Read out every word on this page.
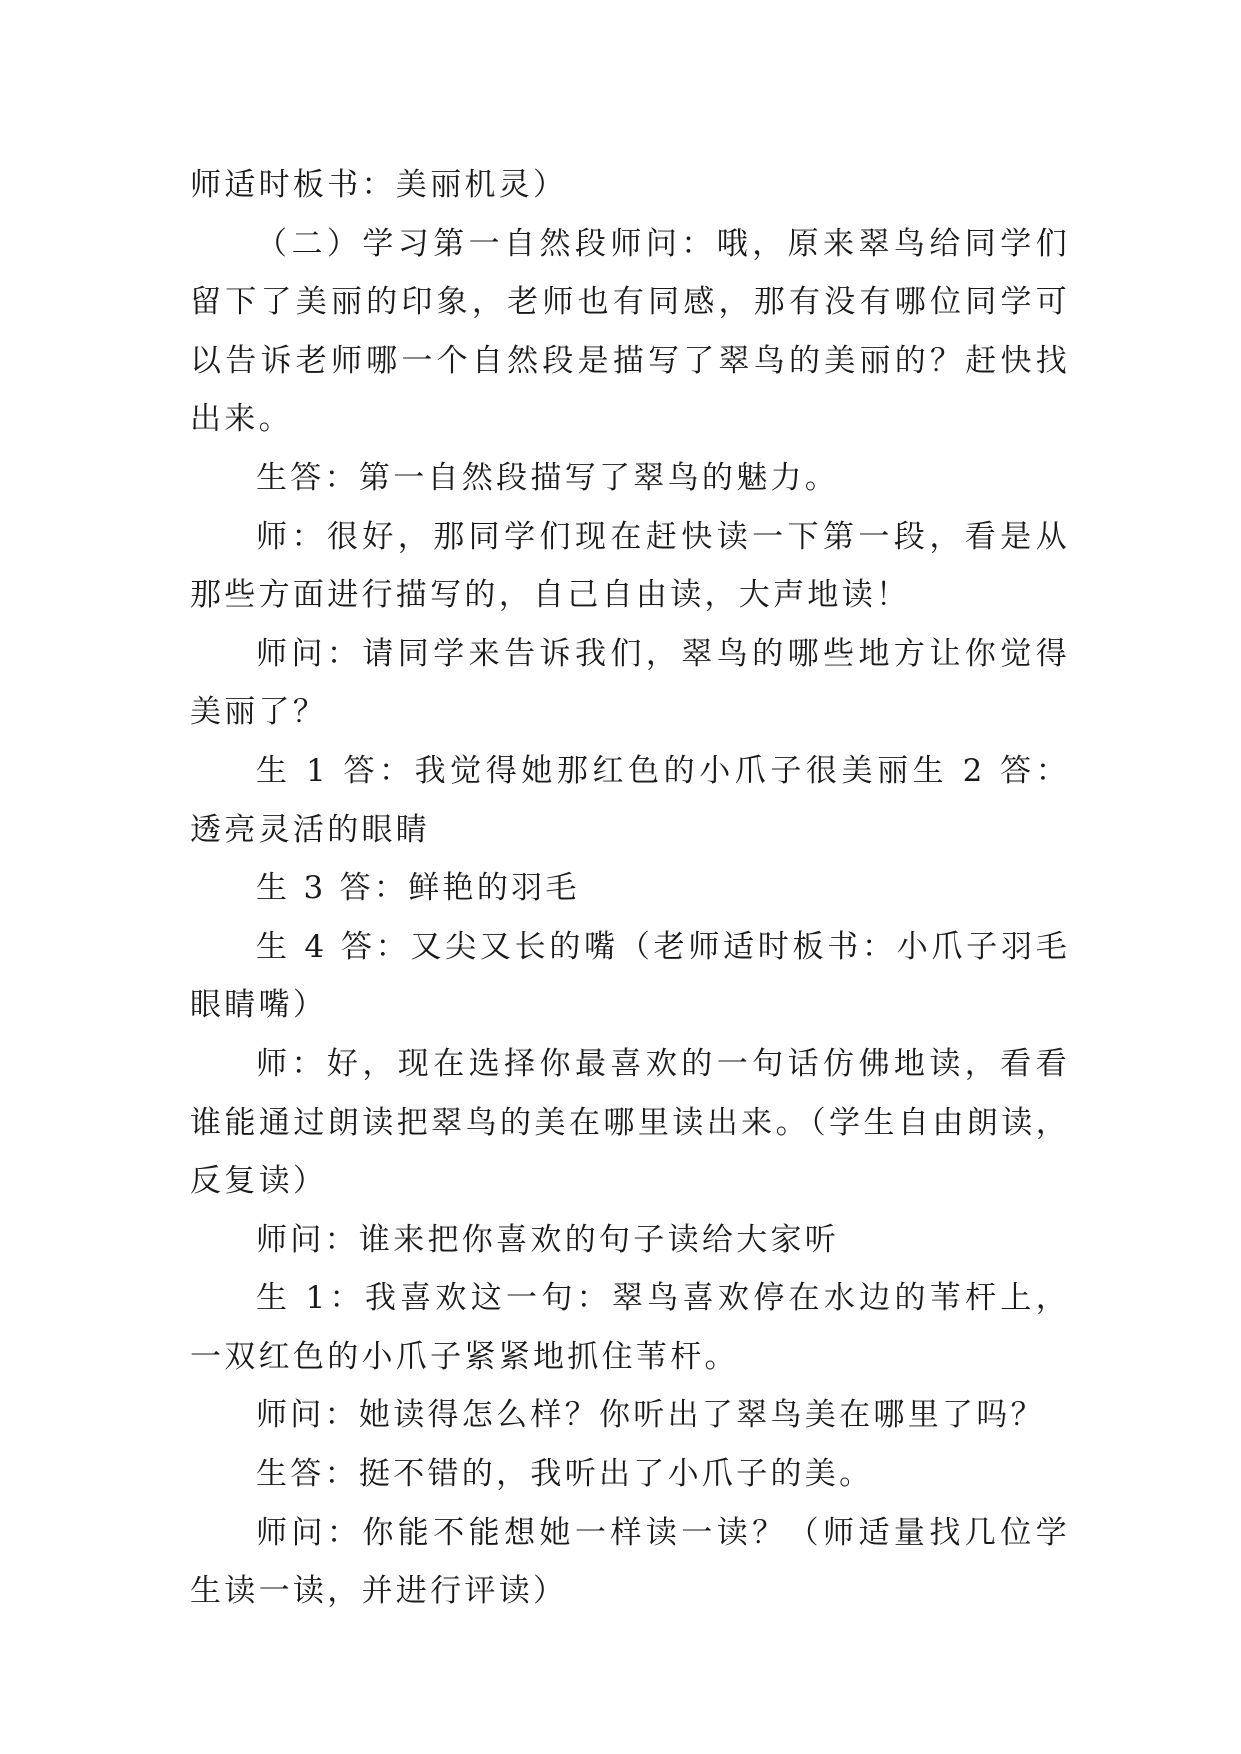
师适时板书：美丽机灵）

（二）学习第一自然段师问：哦，原来翠鸟给同学们留下了美丽的印象，老师也有同感，那有没有哪位同学可以告诉老师哪一个自然段是描写了翠鸟的美丽的？赶快找出来。

生答：第一自然段描写了翠鸟的魅力。

师：很好，那同学们现在赶快读一下第一段，看是从那些方面进行描写的，自己自由读，大声地读！

师问：请同学来告诉我们，翠鸟的哪些地方让你觉得美丽了？

生 1 答：我觉得她那红色的小爪子很美丽生 2 答：透亮灵活的眼睛

生 3 答：鲜艳的羽毛

生 4 答：又尖又长的嘴（老师适时板书：小爪子羽毛眼睛嘴）

师：好，现在选择你最喜欢的一句话仿佛地读，看看谁能通过朗读把翠鸟的美在哪里读出来。（学生自由朗读，反复读）

师问：谁来把你喜欢的句子读给大家听

生 1：我喜欢这一句：翠鸟喜欢停在水边的苇杆上，一双红色的小爪子紧紧地抓住苇杆。

师问：她读得怎么样？你听出了翠鸟美在哪里了吗？

生答：挺不错的，我听出了小爪子的美。

师问：你能不能想她一样读一读？（师适量找几位学生读一读，并进行评读）
